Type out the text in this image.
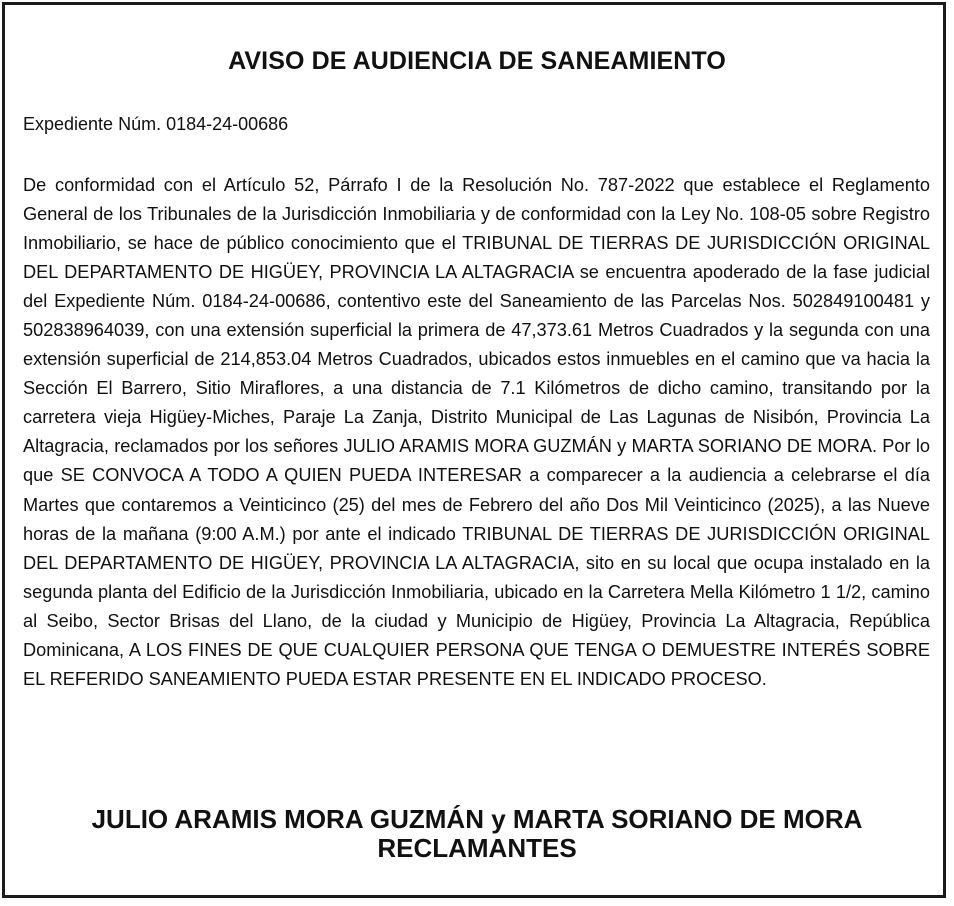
AVISO DE AUDIENCIA DE SANEAMIENTO

Expediente Núm. 0184-24-00686

De conformidad con el Artículo 52, Párrafo I de la Resolución No. 787-2022 que establece el Reglamento General de los Tribunales de la Jurisdicción Inmobiliaria y de conformidad con la Ley No. 108-05 sobre Registro Inmobiliario, se hace de público conocimiento que el TRIBUNAL DE TIERRAS DE JURISDICCIÓN ORIGINAL DEL DEPARTAMENTO DE HIGÜEY, PROVINCIA LA ALTAGRACIA se encuentra apoderado de la fase judicial del Expediente Núm. 0184-24-00686, contentivo este del Saneamiento de las Parcelas Nos. 502849100481 y 502838964039, con una extensión superficial la primera de 47,373.61 Metros Cuadrados y la segunda con una extensión superficial de 214,853.04 Metros Cuadrados, ubicados estos inmuebles en el camino que va hacia la Sección El Barrero, Sitio Miraflores, a una distancia de 7.1 Kilómetros de dicho camino, transitando por la carretera vieja Higüey-Miches, Paraje La Zanja, Distrito Municipal de Las Lagunas de Nisibón, Provincia La Altagracia, reclamados por los señores JULIO ARAMIS MORA GUZMÁN y MARTA SORIANO DE MORA. Por lo que SE CONVOCA A TODO A QUIEN PUEDA INTERESAR a comparecer a la audiencia a celebrarse el día Martes que contaremos a Veinticinco (25) del mes de Febrero del año Dos Mil Veinticinco (2025), a las Nueve horas de la mañana (9:00 A.M.) por ante el indicado TRIBUNAL DE TIERRAS DE JURISDICCIÓN ORIGINAL DEL DEPARTAMENTO DE HIGÜEY, PROVINCIA LA ALTAGRACIA, sito en su local que ocupa instalado en la segunda planta del Edificio de la Jurisdicción Inmobiliaria, ubicado en la Carretera Mella Kilómetro 1 1/2, camino al Seibo, Sector Brisas del Llano, de la ciudad y Municipio de Higüey, Provincia La Altagracia, República Dominicana, A LOS FINES DE QUE CUALQUIER PERSONA QUE TENGA O DEMUESTRE INTERÉS SOBRE EL REFERIDO SANEAMIENTO PUEDA ESTAR PRESENTE EN EL INDICADO PROCESO.

JULIO ARAMIS MORA GUZMÁN y MARTA SORIANO DE MORA
RECLAMANTES
